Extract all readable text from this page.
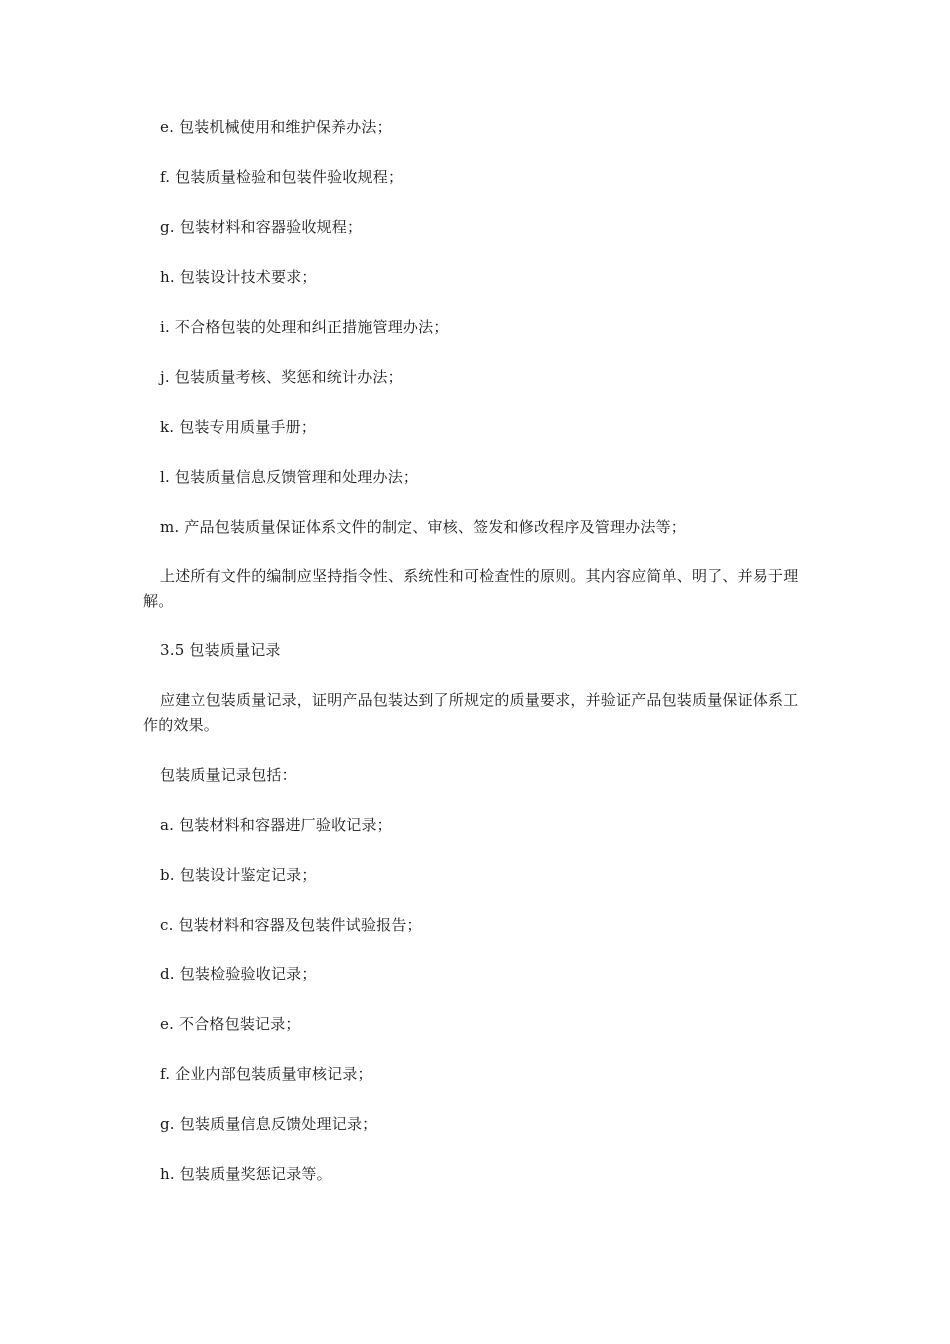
e. 包装机械使用和维护保养办法；

f. 包装质量检验和包装件验收规程；

g. 包装材料和容器验收规程；

h. 包装设计技术要求；

i. 不合格包装的处理和纠正措施管理办法；

j. 包装质量考核、奖惩和统计办法；

k. 包装专用质量手册；

l. 包装质量信息反馈管理和处理办法；

m. 产品包装质量保证体系文件的制定、审核、签发和修改程序及管理办法等；

上述所有文件的编制应坚持指令性、系统性和可检查性的原则。其内容应简单、明了、并易于理解。

3.5 包装质量记录

应建立包装质量记录，证明产品包装达到了所规定的质量要求，并验证产品包装质量保证体系工作的效果。

包装质量记录包括：

a. 包装材料和容器进厂验收记录；

b. 包装设计鉴定记录；

c. 包装材料和容器及包装件试验报告；

d. 包装检验验收记录；

e. 不合格包装记录；

f. 企业内部包装质量审核记录；

g. 包装质量信息反馈处理记录；

h. 包装质量奖惩记录等。
